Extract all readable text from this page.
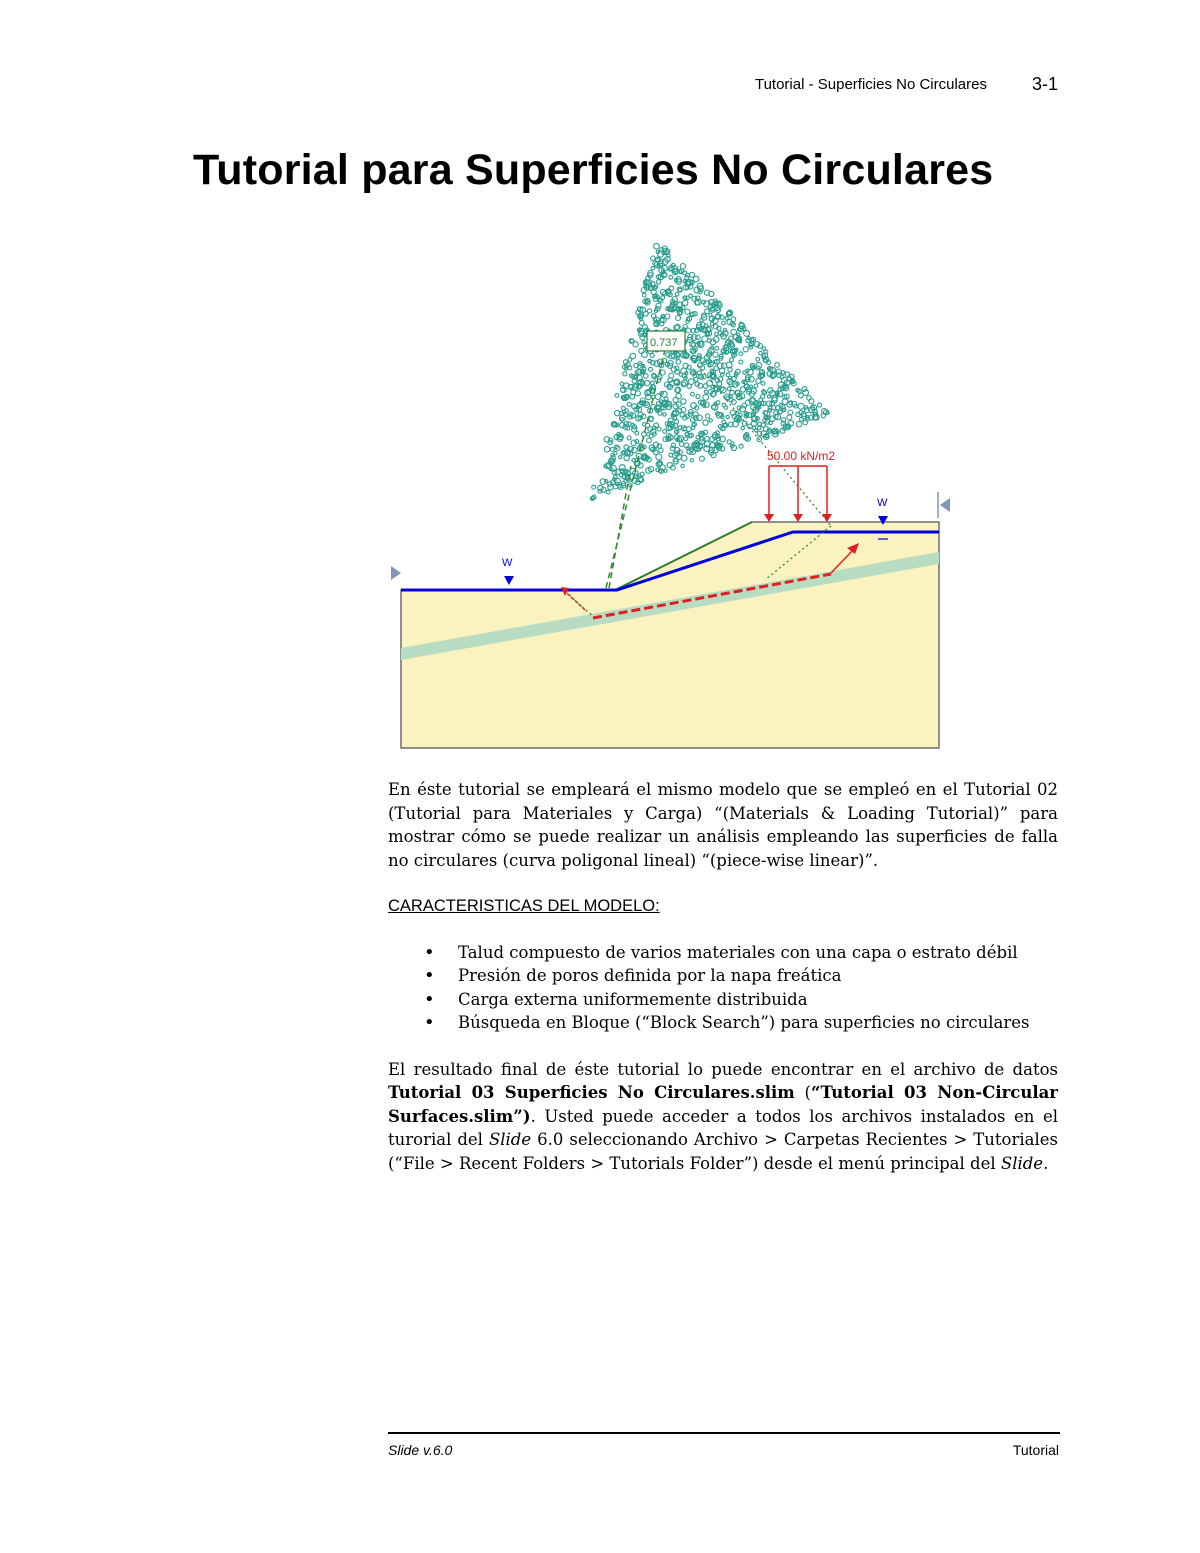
Tutorial - Superficies No Circulares 3-1
Tutorial para Superficies No Circulares
50.00 kN/m2
0.737
W
W

En éste tutorial se empleará el mismo modelo que se empleó en el Tutorial 02 (Tutorial para Materiales y Carga) “(Materials & Loading Tutorial)” para mostrar cómo se puede realizar un análisis empleando las superficies de falla no circulares (curva poligonal lineal) “(piece-wise linear)”.

CARACTERISTICAS DEL MODELO:

• Talud compuesto de varios materiales con una capa o estrato débil
• Presión de poros definida por la napa freática
• Carga externa uniformemente distribuida
• Búsqueda en Bloque (“Block Search”) para superficies no circulares

El resultado final de éste tutorial lo puede encontrar en el archivo de datos Tutorial 03 Superficies No Circulares.slim (“Tutorial 03 Non-Circular Surfaces.slim”). Usted puede acceder a todos los archivos instalados en el turorial del Slide 6.0 seleccionando Archivo > Carpetas Recientes > Tutoriales (“File > Recent Folders > Tutorials Folder”) desde el menú principal del Slide.

Slide v.6.0	Tutorial
